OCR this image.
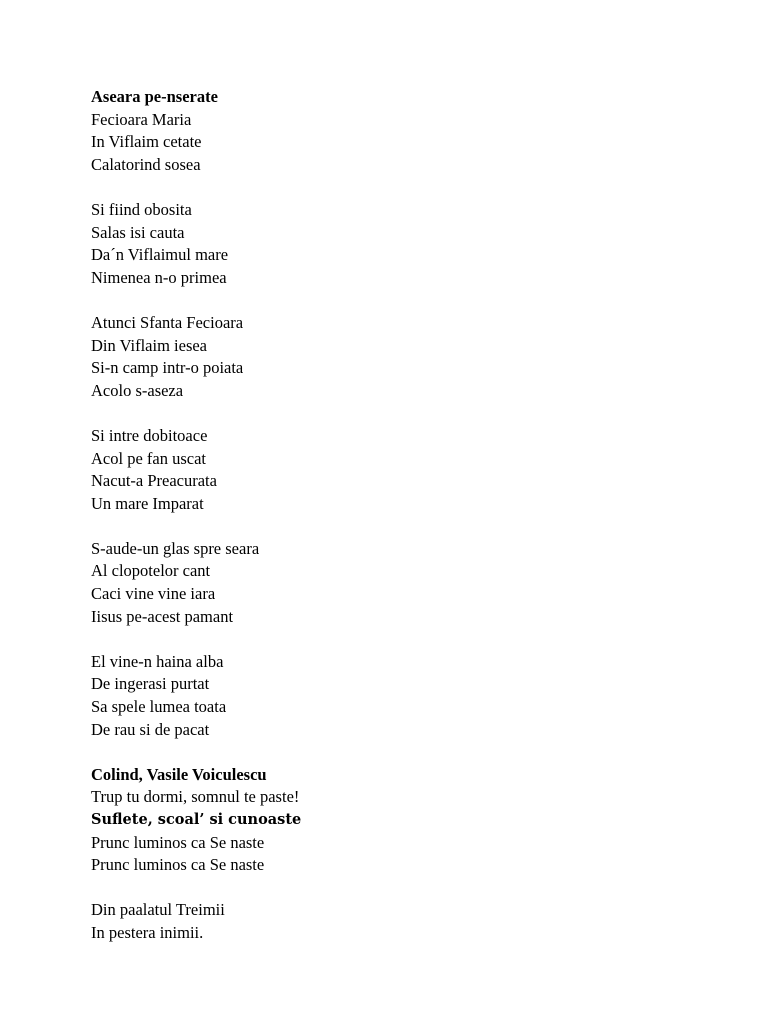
Aseara pe-nserate
Fecioara Maria
In Viflaim cetate
Calatorind sosea
Si fiind obosita
Salas isi cauta
Da´n Viflaimul mare
Nimenea n-o primea
Atunci Sfanta Fecioara
Din Viflaim iesea
Si-n camp intr-o poiata
Acolo s-aseza
Si intre dobitoace
Acol pe fan uscat
Nacut-a Preacurata
Un mare Imparat
S-aude-un glas spre seara
Al clopotelor cant
Caci vine vine iara
Iisus pe-acest pamant
El vine-n haina alba
De ingerasi purtat
Sa spele lumea toata
De rau si de pacat
Colind, Vasile Voiculescu
Trup tu dormi, somnul te paste!
Suflete, scoal’ si cunoaste
Prunc luminos ca Se naste
Prunc luminos ca Se naste
Din paalatul Treimii
In pestera inimii.
